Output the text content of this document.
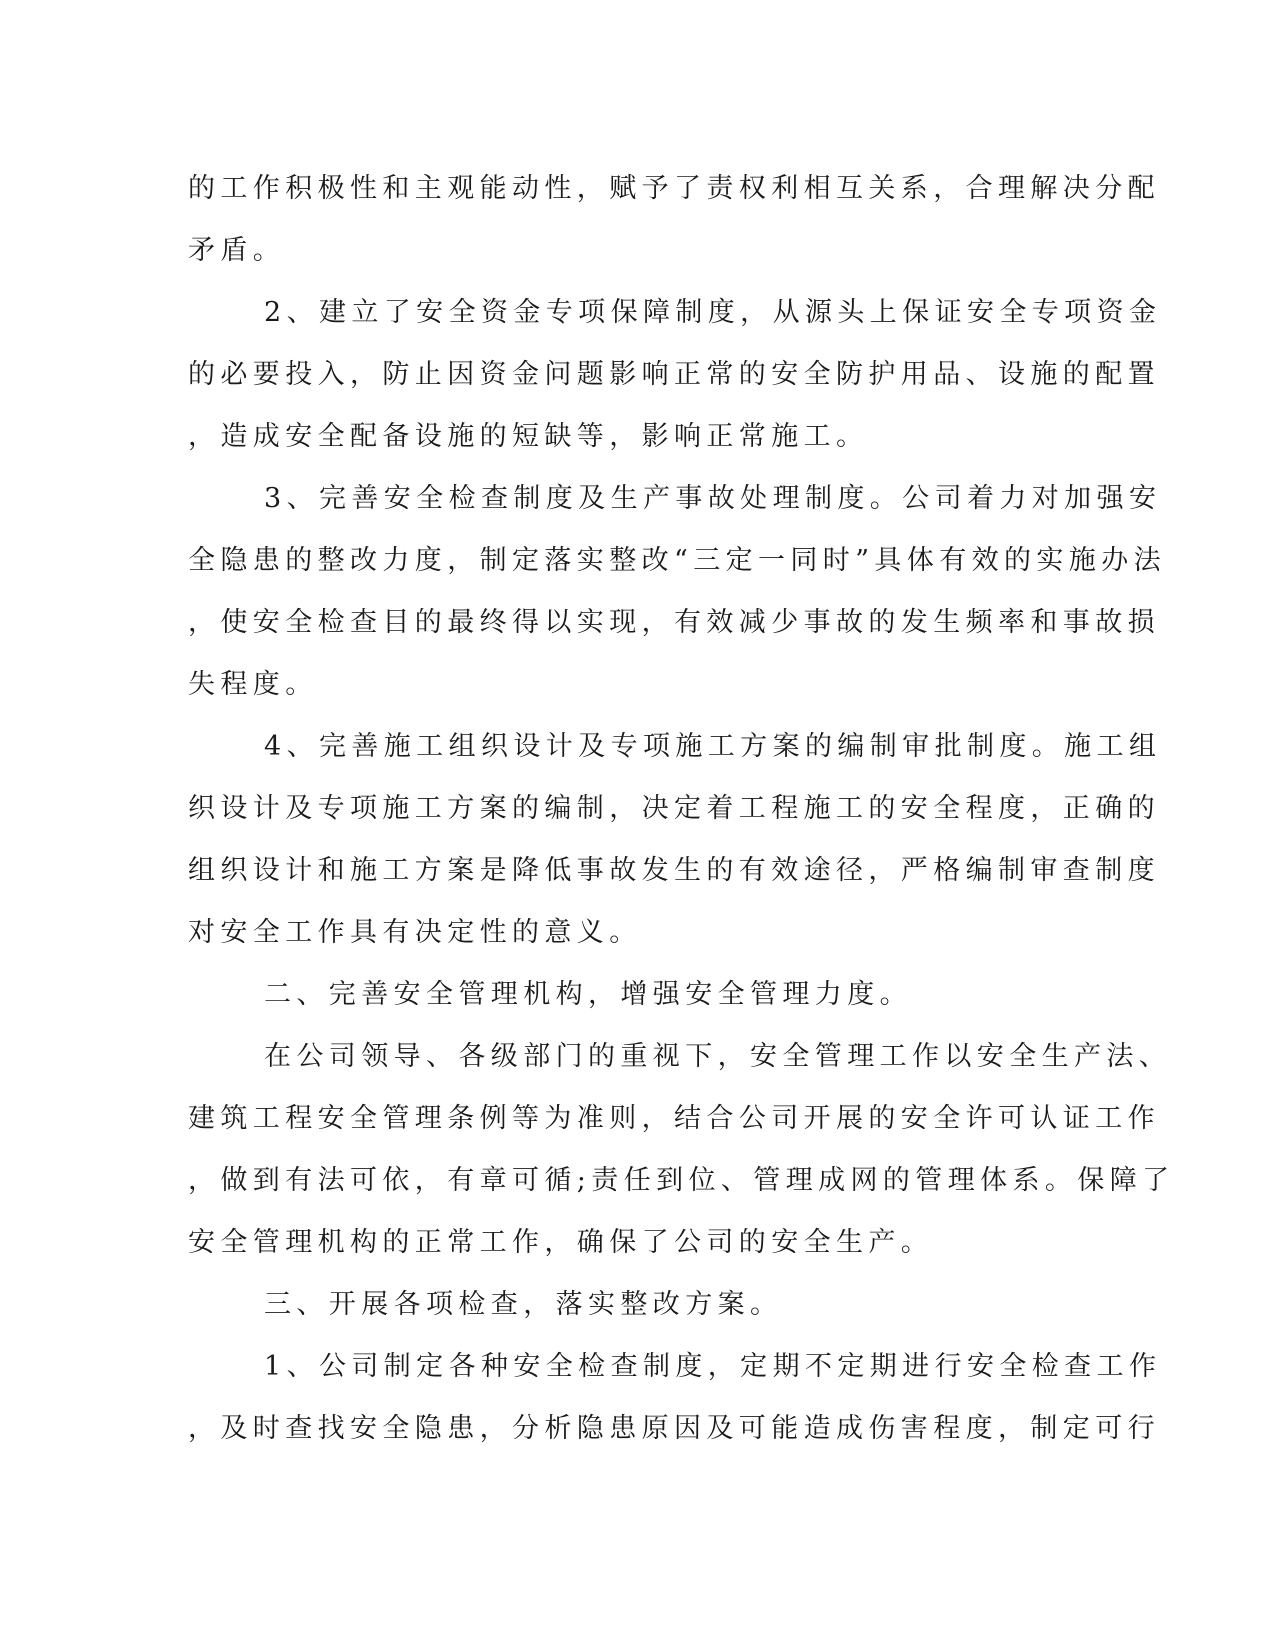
的工作积极性和主观能动性，赋予了责权利相互关系，合理解决分配
矛盾。
2、建立了安全资金专项保障制度，从源头上保证安全专项资金
的必要投入，防止因资金问题影响正常的安全防护用品、设施的配置
，造成安全配备设施的短缺等，影响正常施工。
3、完善安全检查制度及生产事故处理制度。公司着力对加强安
全隐患的整改力度，制定落实整改“三定一同时”具体有效的实施办法
，使安全检查目的最终得以实现，有效减少事故的发生频率和事故损
失程度。
4、完善施工组织设计及专项施工方案的编制审批制度。施工组
织设计及专项施工方案的编制，决定着工程施工的安全程度，正确的
组织设计和施工方案是降低事故发生的有效途径，严格编制审查制度
对安全工作具有决定性的意义。
二、完善安全管理机构，增强安全管理力度。
在公司领导、各级部门的重视下，安全管理工作以安全生产法、
建筑工程安全管理条例等为准则，结合公司开展的安全许可认证工作
，做到有法可依，有章可循;责任到位、管理成网的管理体系。保障了
安全管理机构的正常工作，确保了公司的安全生产。
三、开展各项检查，落实整改方案。
1、公司制定各种安全检查制度，定期不定期进行安全检查工作
，及时查找安全隐患，分析隐患原因及可能造成伤害程度，制定可行
